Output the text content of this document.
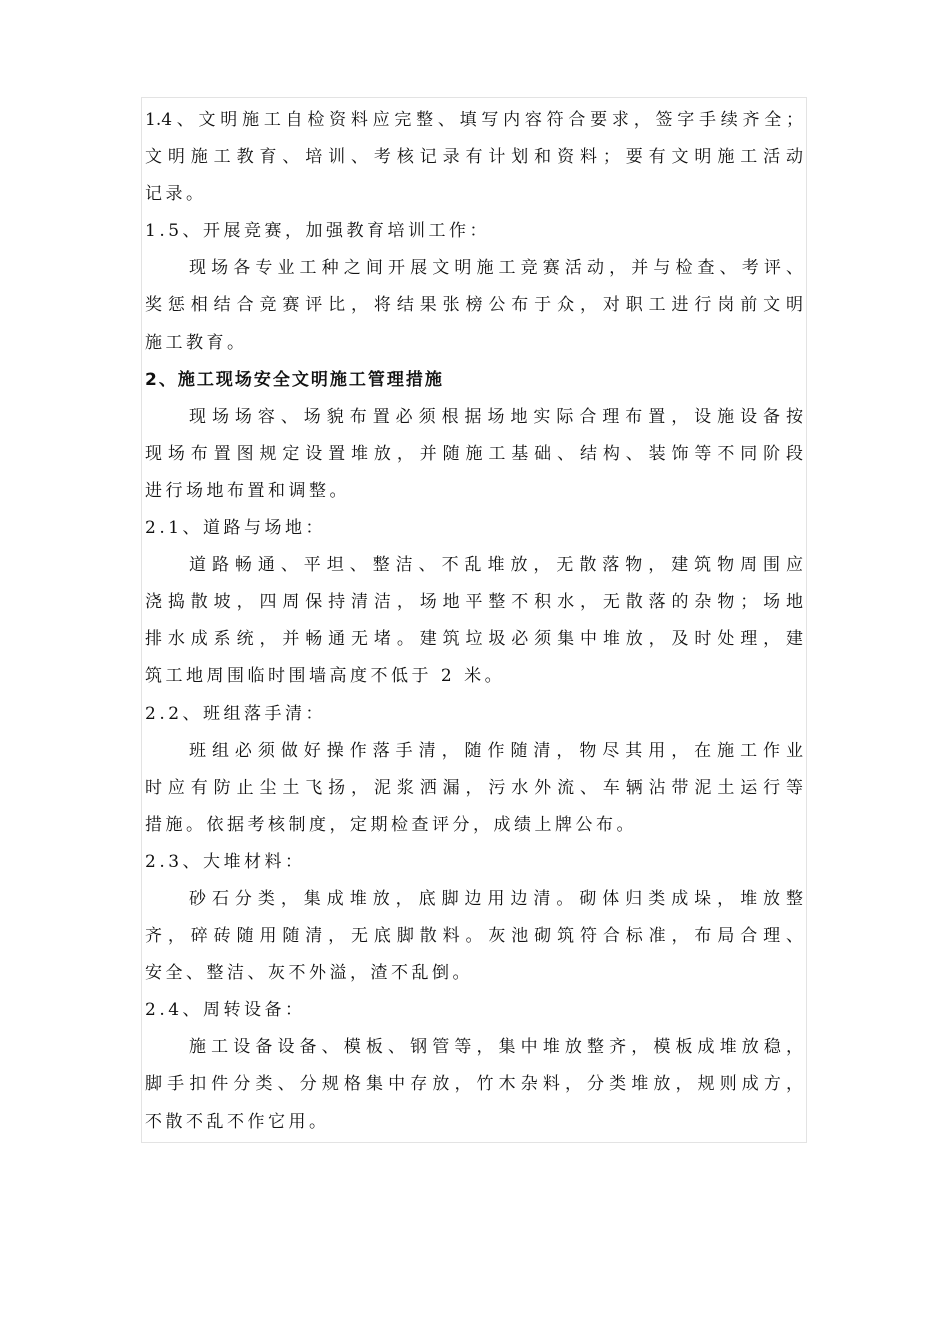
1.4、文明施工自检资料应完整、填写内容符合要求，签字手续齐全；
文明施工教育、培训、考核记录有计划和资料；要有文明施工活动
记录。
1.5、开展竞赛，加强教育培训工作：
现场各专业工种之间开展文明施工竞赛活动，并与检查、考评、
奖惩相结合竞赛评比，将结果张榜公布于众，对职工进行岗前文明
施工教育。
2、施工现场安全文明施工管理措施
现场场容、场貌布置必须根据场地实际合理布置，设施设备按
现场布置图规定设置堆放，并随施工基础、结构、装饰等不同阶段
进行场地布置和调整。
2.1、道路与场地：
道路畅通、平坦、整洁、不乱堆放，无散落物，建筑物周围应
浇捣散坡，四周保持清洁，场地平整不积水，无散落的杂物；场地
排水成系统，并畅通无堵。建筑垃圾必须集中堆放，及时处理，建
筑工地周围临时围墙高度不低于 2 米。
2.2、班组落手清：
班组必须做好操作落手清，随作随清，物尽其用，在施工作业
时应有防止尘土飞扬，泥浆洒漏，污水外流、车辆沾带泥土运行等
措施。依据考核制度，定期检查评分，成绩上牌公布。
2.3、大堆材料：
砂石分类，集成堆放，底脚边用边清。砌体归类成垛，堆放整
齐，碎砖随用随清，无底脚散料。灰池砌筑符合标准，布局合理、
安全、整洁、灰不外溢，渣不乱倒。
2.4、周转设备：
施工设备设备、模板、钢管等，集中堆放整齐，模板成堆放稳，
脚手扣件分类、分规格集中存放，竹木杂料，分类堆放，规则成方，
不散不乱不作它用。
